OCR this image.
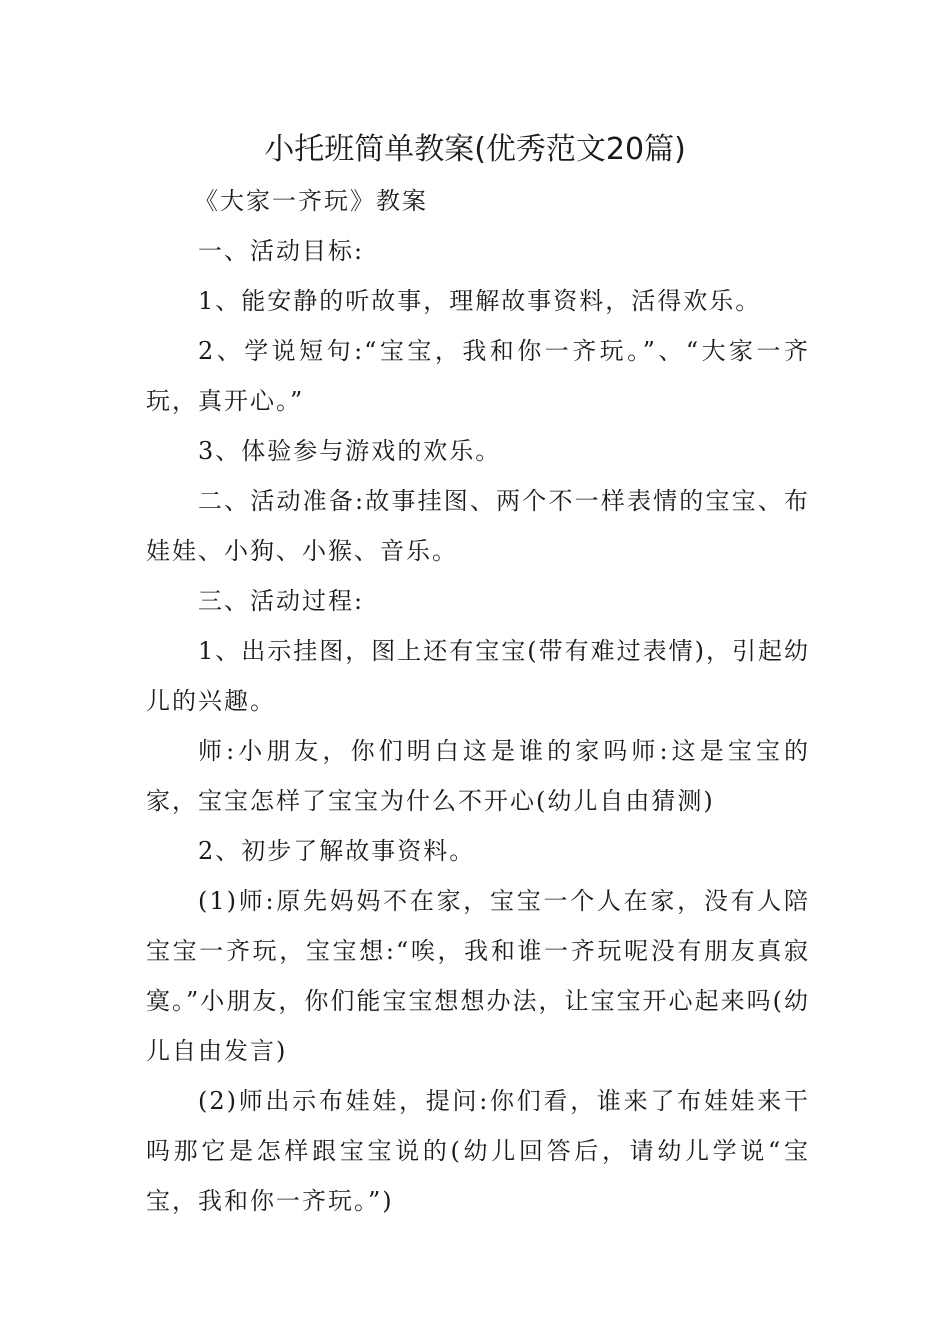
小托班简单教案(优秀范文20篇)

《大家一齐玩》教案

一、活动目标:

1、能安静的听故事，理解故事资料，活得欢乐。

2、学说短句:“宝宝，我和你一齐玩。”、“大家一齐玩，真开心。”

3、体验参与游戏的欢乐。

二、活动准备:故事挂图、两个不一样表情的宝宝、布娃娃、小狗、小猴、音乐。

三、活动过程:

1、出示挂图，图上还有宝宝(带有难过表情)，引起幼儿的兴趣。

师:小朋友，你们明白这是谁的家吗师:这是宝宝的家，宝宝怎样了宝宝为什么不开心(幼儿自由猜测)

2、初步了解故事资料。

(1)师:原先妈妈不在家，宝宝一个人在家，没有人陪宝宝一齐玩，宝宝想:“唉，我和谁一齐玩呢没有朋友真寂寞。”小朋友，你们能宝宝想想办法，让宝宝开心起来吗(幼儿自由发言)

(2)师出示布娃娃，提问:你们看，谁来了布娃娃来干吗那它是怎样跟宝宝说的(幼儿回答后，请幼儿学说“宝宝，我和你一齐玩。”)
